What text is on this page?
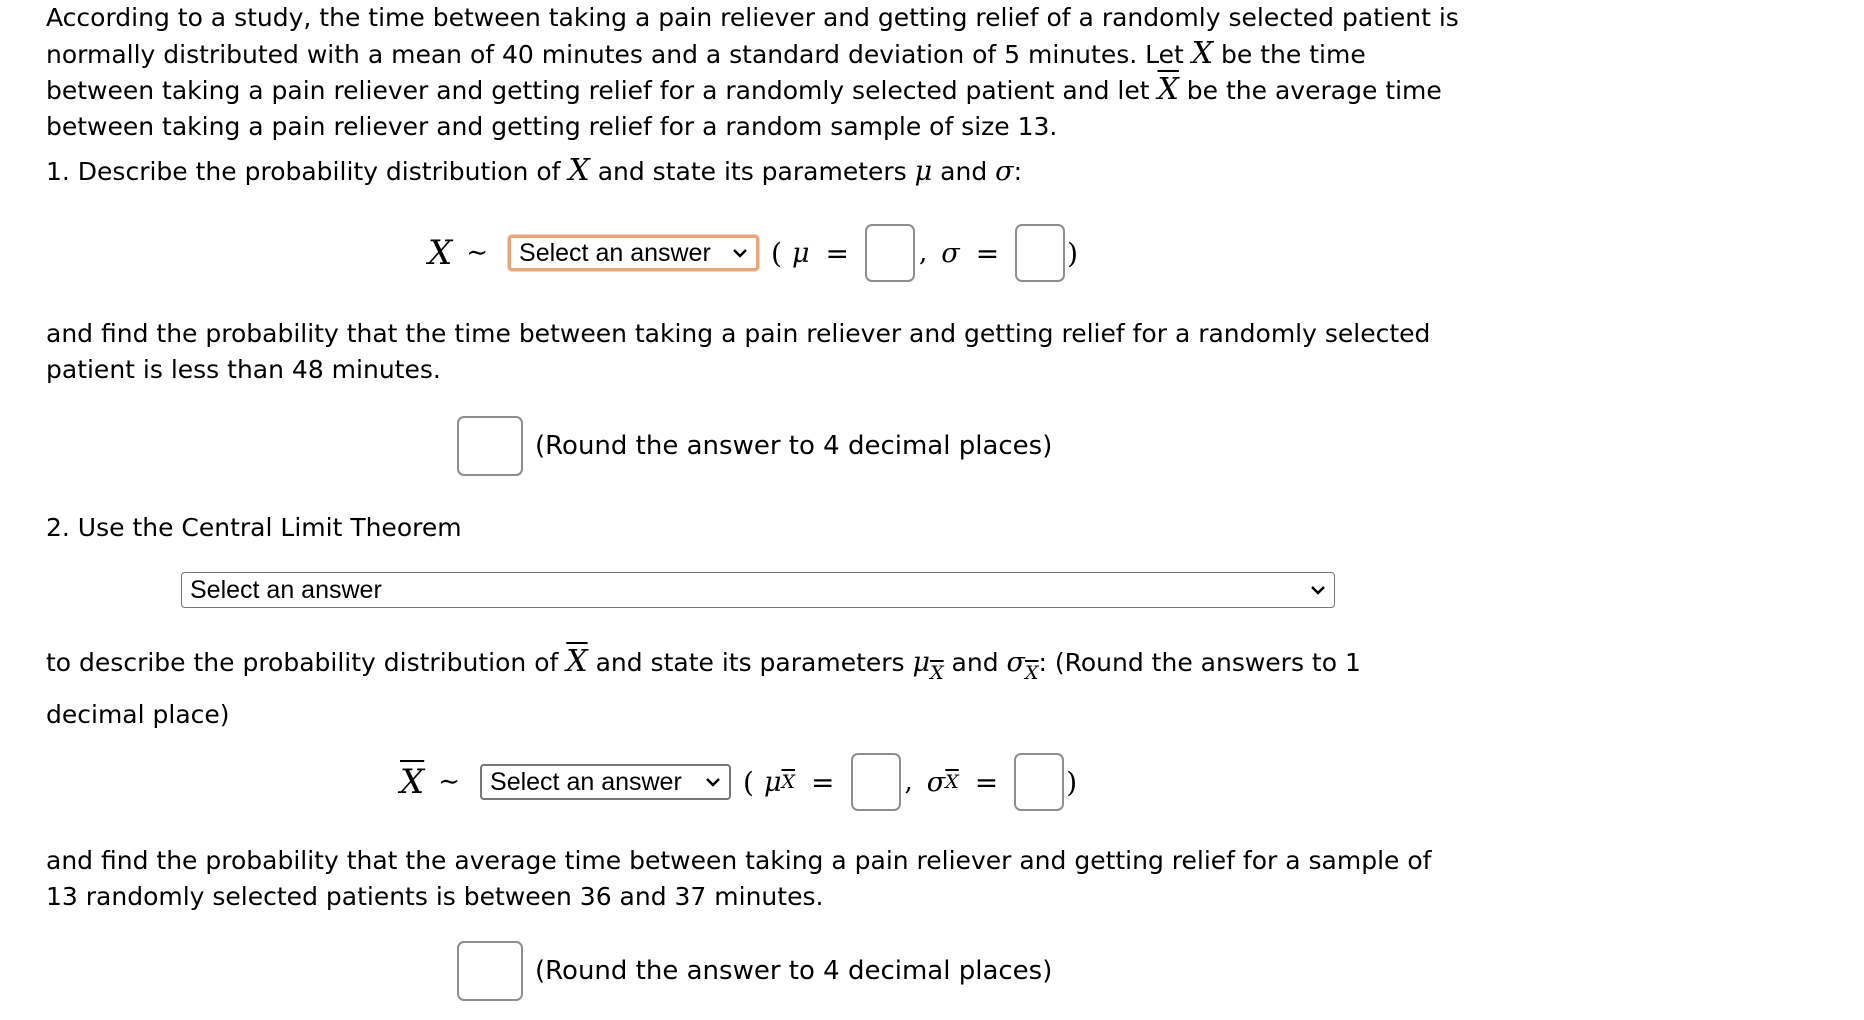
According to a study, the time between taking a pain reliever and getting relief of a randomly selected patient is normally distributed with a mean of 40 minutes and a standard deviation of 5 minutes. Let X be the time between taking a pain reliever and getting relief for a randomly selected patient and let $\overline{X}$ be the average time between taking a pain reliever and getting relief for a random sample of size 13.

1. Describe the probability distribution of X and state its parameters μ and σ:

X ∼ Select an answer ( μ =	, σ = )

and find the probability that the time between taking a pain reliever and getting relief for a randomly selected patient is less than 48 minutes.

(Round the answer to 4 decimal places)

2. Use the Central Limit Theorem

Select an answer

to describe the probability distribution of $\overline{X}$ and state its parameters $\mu_{\overline{X}}$ and $\sigma_{\overline{X}}$: (Round the answers to 1 decimal place)

$\overline{X}$ ∼ Select an answer ( μ $\overline{X}$ =	, σ $\overline{X}$ = )

and find the probability that the average time between taking a pain reliever and getting relief for a sample of 13 randomly selected patients is between 36 and 37 minutes.

(Round the answer to 4 decimal places)
